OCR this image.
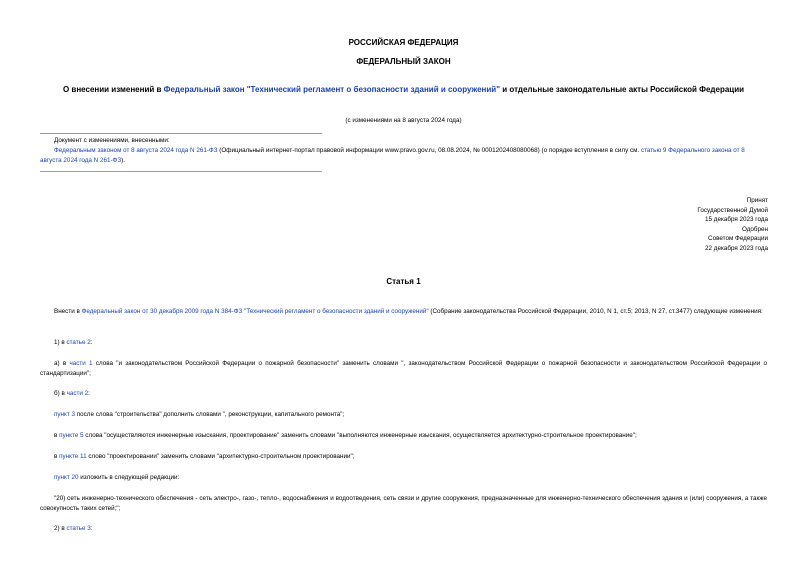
РОССИЙСКАЯ ФЕДЕРАЦИЯ
ФЕДЕРАЛЬНЫЙ ЗАКОН
О внесении изменений в Федеральный закон "Технический регламент о безопасности зданий и сооружений" и отдельные законодательные акты Российской Федерации
(с изменениями на 8 августа 2024 года)
Документ с изменениями, внесенными:
Федеральным законом от 8 августа 2024 года N 261-ФЗ (Официальный интернет-портал правовой информации www.pravo.gov.ru, 08.08.2024, № 0001202408080068) (о порядке вступления в силу см. статью 9 Федерального закона от 8 августа 2024 года N 261-ФЗ).
Принят
Государственной Думой
15 декабря 2023 года
Одобрен
Советом Федерации
22 декабря 2023 года
Статья 1
Внести в Федеральный закон от 30 декабря 2009 года N 384-ФЗ "Технический регламент о безопасности зданий и сооружений" (Собрание законодательства Российской Федерации, 2010, N 1, ст.5; 2013, N 27, ст.3477) следующие изменения:
1) в статье 2:
а) в части 1 слова "и законодательством Российской Федерации о пожарной безопасности" заменить словами ", законодательством Российской Федерации о пожарной безопасности и законодательством Российской Федерации о стандартизации";
б) в части 2:
пункт 3 после слова "строительства" дополнить словами ", реконструкции, капитального ремонта";
в пункте 5 слова "осуществляются инженерные изыскания, проектирование" заменить словами "выполняются инженерные изыскания, осуществляется архитектурно-строительное проектирование";
в пункте 11 слово "проектировании" заменить словами "архитектурно-строительном проектировании";
пункт 20 изложить в следующей редакции:
"20) сеть инженерно-технического обеспечения - сеть электро-, газо-, тепло-, водоснабжения и водоотведения, сеть связи и другие сооружения, предназначенные для инженерно-технического обеспечения здания и (или) сооружения, а также совокупность таких сетей;";
2) в статье 3:
